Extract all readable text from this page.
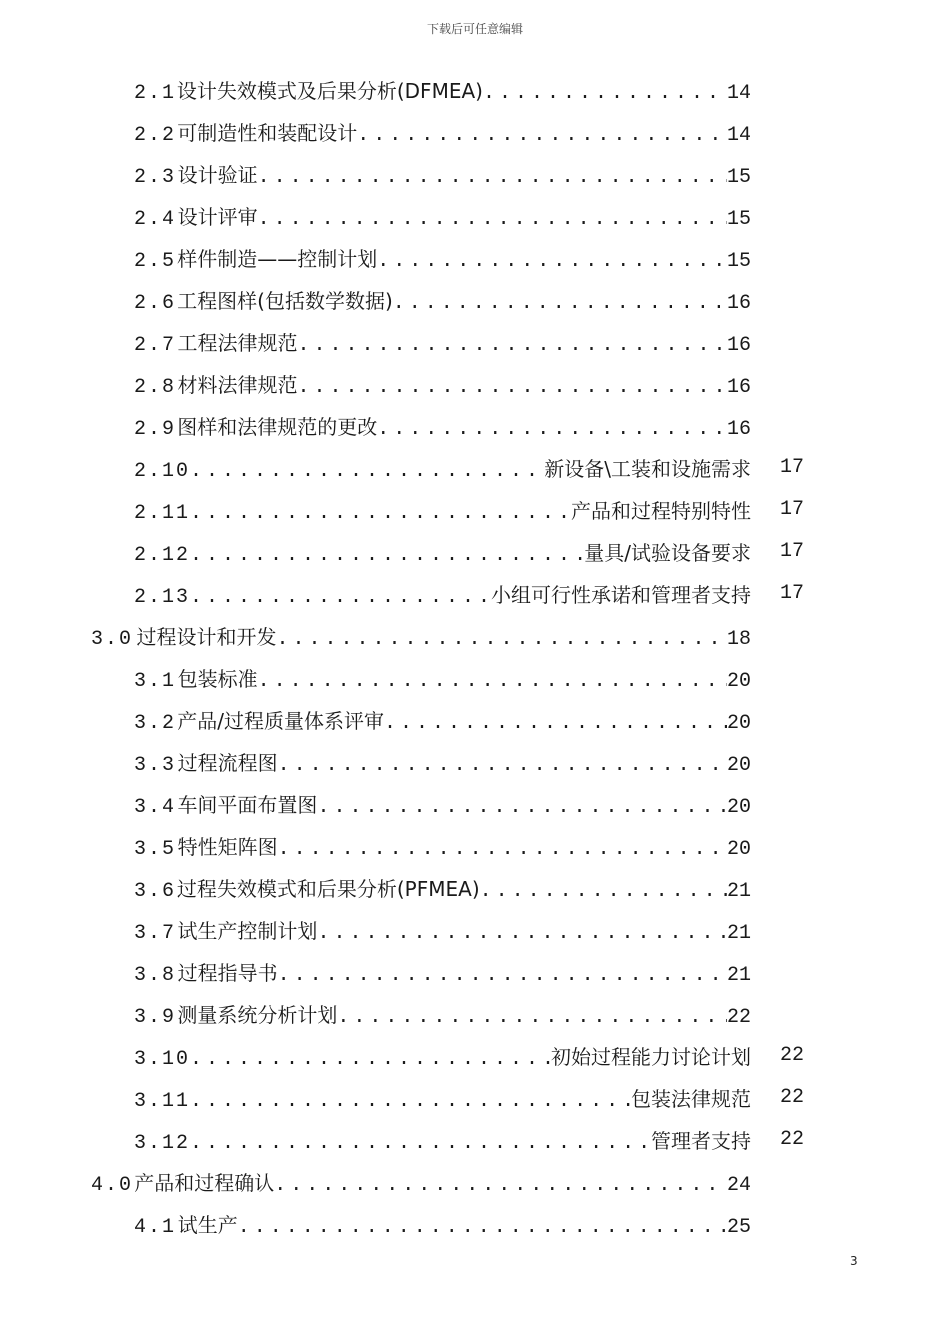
下载后可任意编辑
2.1 设计失效模式及后果分析(DFMEA) .....	14
2.2 可制造性和装配设计 .....	14
2.3 设计验证 .....	15
2.4 设计评审 .....	15
2.5 样件制造——控制计划 .....	15
2.6 工程图样(包括数学数据) .....	16
2.7 工程法律规范 .....	16
2.8 材料法律规范 .....	16
2.9 图样和法律规范的更改 .....	16
2.10 .....	新设备\工装和设施需求 17
2.11 .....	产品和过程特别特性 17
2.12 .....	量具/试验设备要求 17
2.13 .....	小组可行性承诺和管理者支持 17
3.0 过程设计和开发 .....	18
3.1 包装标准 .....	20
3.2 产品/过程质量体系评审 .....	20
3.3 过程流程图 .....	20
3.4 车间平面布置图 .....	20
3.5 特性矩阵图 .....	20
3.6 过程失效模式和后果分析(PFMEA) .....	21
3.7 试生产控制计划 .....	21
3.8 过程指导书 .....	21
3.9 测量系统分析计划 .....	22
3.10 .....	初始过程能力讨论计划 22
3.11 .....	包装法律规范 22
3.12 .....	管理者支持 22
4.0 产品和过程确认 .....	24
4.1 试生产 .....	25
3
